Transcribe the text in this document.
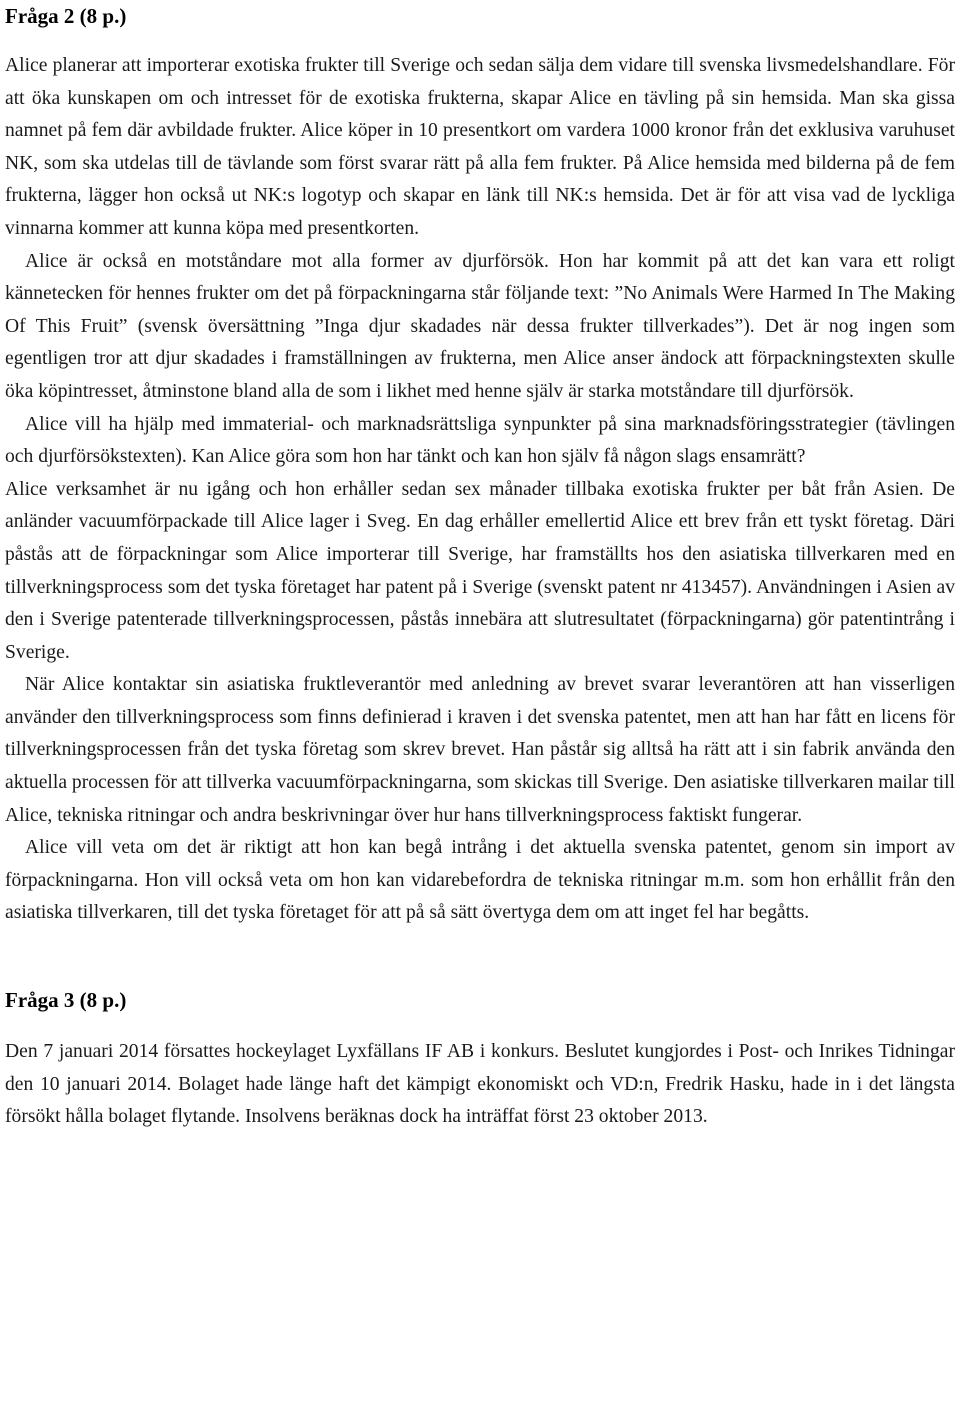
Fråga 2 (8 p.)

Alice planerar att importerar exotiska frukter till Sverige och sedan sälja dem vidare till svenska livsmedelshandlare. För att öka kunskapen om och intresset för de exotiska frukterna, skapar Alice en tävling på sin hemsida. Man ska gissa namnet på fem där avbildade frukter. Alice köper in 10 presentkort om vardera 1000 kronor från det exklusiva varuhuset NK, som ska utdelas till de tävlande som först svarar rätt på alla fem frukter. På Alice hemsida med bilderna på de fem frukterna, lägger hon också ut NK:s logotyp och skapar en länk till NK:s hemsida. Det är för att visa vad de lyckliga vinnarna kommer att kunna köpa med presentkorten.

Alice är också en motståndare mot alla former av djurförsök. Hon har kommit på att det kan vara ett roligt kännetecken för hennes frukter om det på förpackningarna står följande text: ”No Animals Were Harmed In The Making Of This Fruit” (svensk översättning ”Inga djur skadades när dessa frukter tillverkades”). Det är nog ingen som egentligen tror att djur skadades i framställningen av frukterna, men Alice anser ändock att förpackningstexten skulle öka köpintresset, åtminstone bland alla de som i likhet med henne själv är starka motståndare till djurförsök.

Alice vill ha hjälp med immaterial- och marknadsrättsliga synpunkter på sina marknadsföringsstrategier (tävlingen och djurförsökstexten). Kan Alice göra som hon har tänkt och kan hon själv få någon slags ensamrätt?

Alice verksamhet är nu igång och hon erhåller sedan sex månader tillbaka exotiska frukter per båt från Asien. De anländer vacuumförpackade till Alice lager i Sveg. En dag erhåller emellertid Alice ett brev från ett tyskt företag. Däri påstås att de förpackningar som Alice importerar till Sverige, har framställts hos den asiatiska tillverkaren med en tillverkningsprocess som det tyska företaget har patent på i Sverige (svenskt patent nr 413457). Användningen i Asien av den i Sverige patenterade tillverkningsprocessen, påstås innebära att slutresultatet (förpackningarna) gör patentintrång i Sverige.

När Alice kontaktar sin asiatiska fruktleverantör med anledning av brevet svarar leverantören att han visserligen använder den tillverkningsprocess som finns definierad i kraven i det svenska patentet, men att han har fått en licens för tillverkningsprocessen från det tyska företag som skrev brevet. Han påstår sig alltså ha rätt att i sin fabrik använda den aktuella processen för att tillverka vacuumförpackningarna, som skickas till Sverige. Den asiatiske tillverkaren mailar till Alice, tekniska ritningar och andra beskrivningar över hur hans tillverkningsprocess faktiskt fungerar.

Alice vill veta om det är riktigt att hon kan begå intrång i det aktuella svenska patentet, genom sin import av förpackningarna. Hon vill också veta om hon kan vidarebefordra de tekniska ritningar m.m. som hon erhållit från den asiatiska tillverkaren, till det tyska företaget för att på så sätt övertyga dem om att inget fel har begåtts.

Fråga 3 (8 p.)

Den 7 januari 2014 försattes hockeylaget Lyxfällans IF AB i konkurs. Beslutet kungjordes i Post- och Inrikes Tidningar den 10 januari 2014. Bolaget hade länge haft det kämpigt ekonomiskt och VD:n, Fredrik Hasku, hade in i det längsta försökt hålla bolaget flytande. Insolvens beräknas dock ha inträffat först 23 oktober 2013.
